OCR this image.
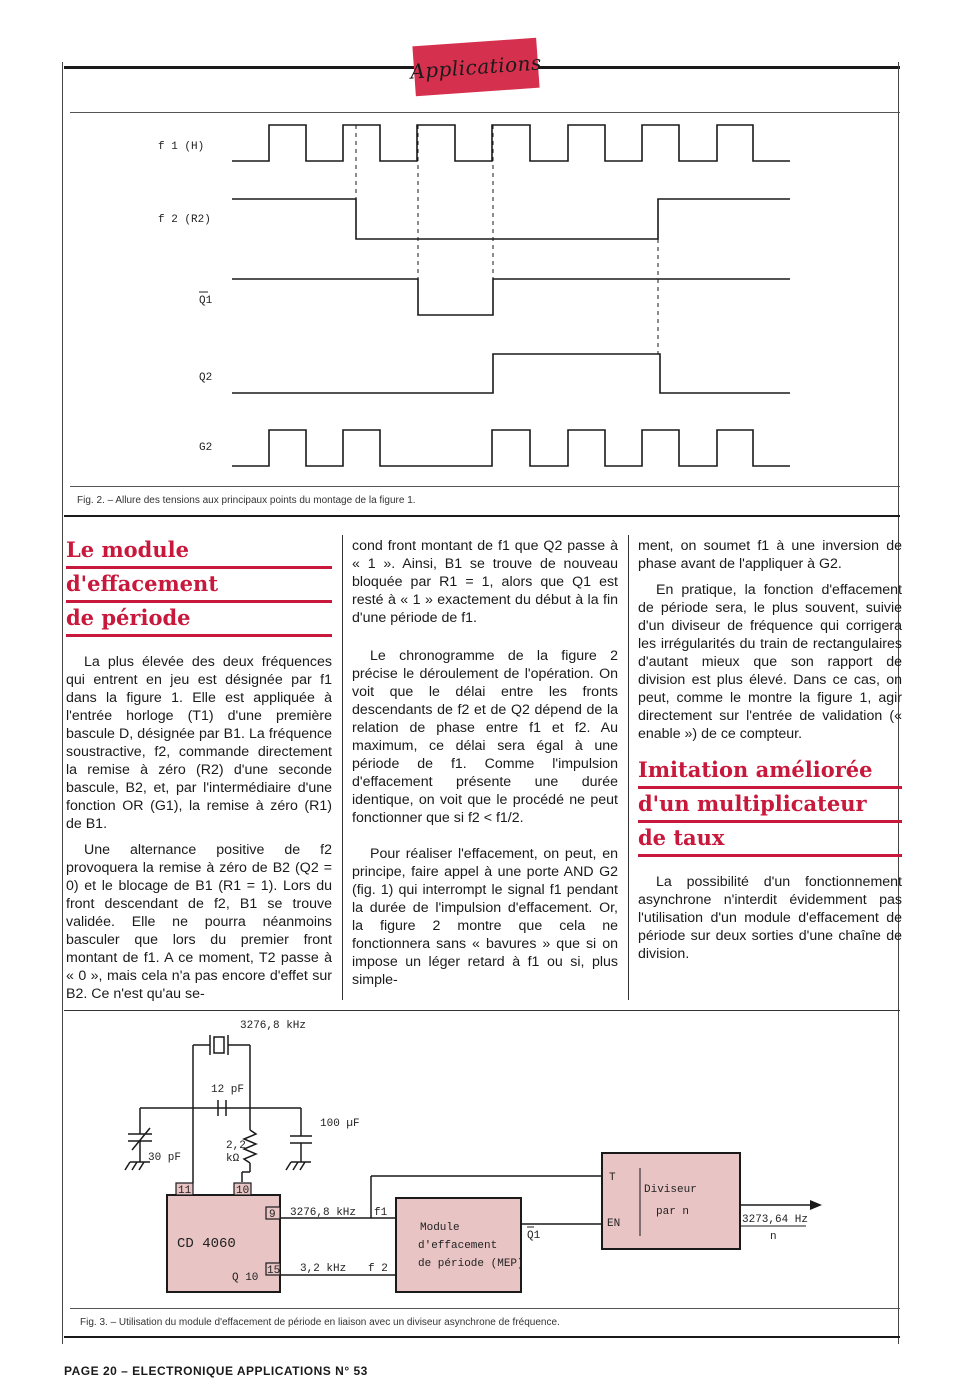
Applications
f 1 (H)
f 2 (R2)
Q1
Q2
G2
Fig. 2. – Allure des tensions aux principaux points du montage de la figure 1.
Le module
d'effacement
de période

La plus élevée des deux fréquences qui entrent en jeu est désignée par f1 dans la figure 1. Elle est appliquée à l'entrée horloge (T1) d'une première bascule D, désignée par B1. La fréquence soustractive, f2, commande directement la remise à zéro (R2) d'une seconde bascule, B2, et, par l'intermédiaire d'une fonction OR (G1), la remise à zéro (R1) de B1.

Une alternance positive de f2 provoquera la remise à zéro de B2 (Q2 = 0) et le blocage de B1 (R1 = 1). Lors du front descendant de f2, B1 se trouve validée. Elle ne pourra néanmoins basculer que lors du premier front montant de f1. A ce moment, T2 passe à « 0 », mais cela n'a pas encore d'effet sur B2. Ce n'est qu'au se-

cond front montant de f1 que Q2 passe à « 1 ». Ainsi, B1 se trouve de nouveau bloquée par R1 = 1, alors que Q1 est resté à « 1 » exactement du début à la fin d'une période de f1.

Le chronogramme de la figure 2 précise le déroulement de l'opération. On voit que le délai entre les fronts descendants de f2 et de Q2 dépend de la relation de phase entre f1 et f2. Au maximum, ce délai sera égal à une période de f1. Comme l'impulsion d'effacement présente une durée identique, on voit que le procédé ne peut fonctionner que si f2 < f1/2.

Pour réaliser l'effacement, on peut, en principe, faire appel à une porte AND G2 (fig. 1) qui interrompt le signal f1 pendant la durée de l'impulsion d'effacement. Or, la figure 2 montre que cela ne fonctionnera sans « bavures » que si on impose un léger retard à f1 ou si, plus simple-

ment, on soumet f1 à une inversion de phase avant de l'appliquer à G2.

En pratique, la fonction d'effacement de période sera, le plus souvent, suivie d'un diviseur de fréquence qui corrigera les irrégularités du train de rectangulaires d'autant mieux que son rapport de division est plus élevé. Dans ce cas, on peut, comme le montre la figure 1, agir directement sur l'entrée de validation (« enable ») de ce compteur.

Imitation améliorée
d'un multiplicateur
de taux

La possibilité d'un fonctionnement asynchrone n'interdit évidemment pas l'utilisation d'un module d'effacement de période sur deux sorties d'une chaîne de division.

3276,8 kHz
12 pF
100 µF
30 pF
2,2
kΩ
11	10
9
15
3276,8 kHz
3,2 kHz
CD 4060
Q 10
f1
f 2
Module
d'effacement
de période (MEP)
Q1
T
EN
Diviseur
par n
3273,64 Hz
n
Fig. 3. – Utilisation du module d'effacement de période en liaison avec un diviseur asynchrone de fréquence.
PAGE 20 – ELECTRONIQUE APPLICATIONS N° 53
